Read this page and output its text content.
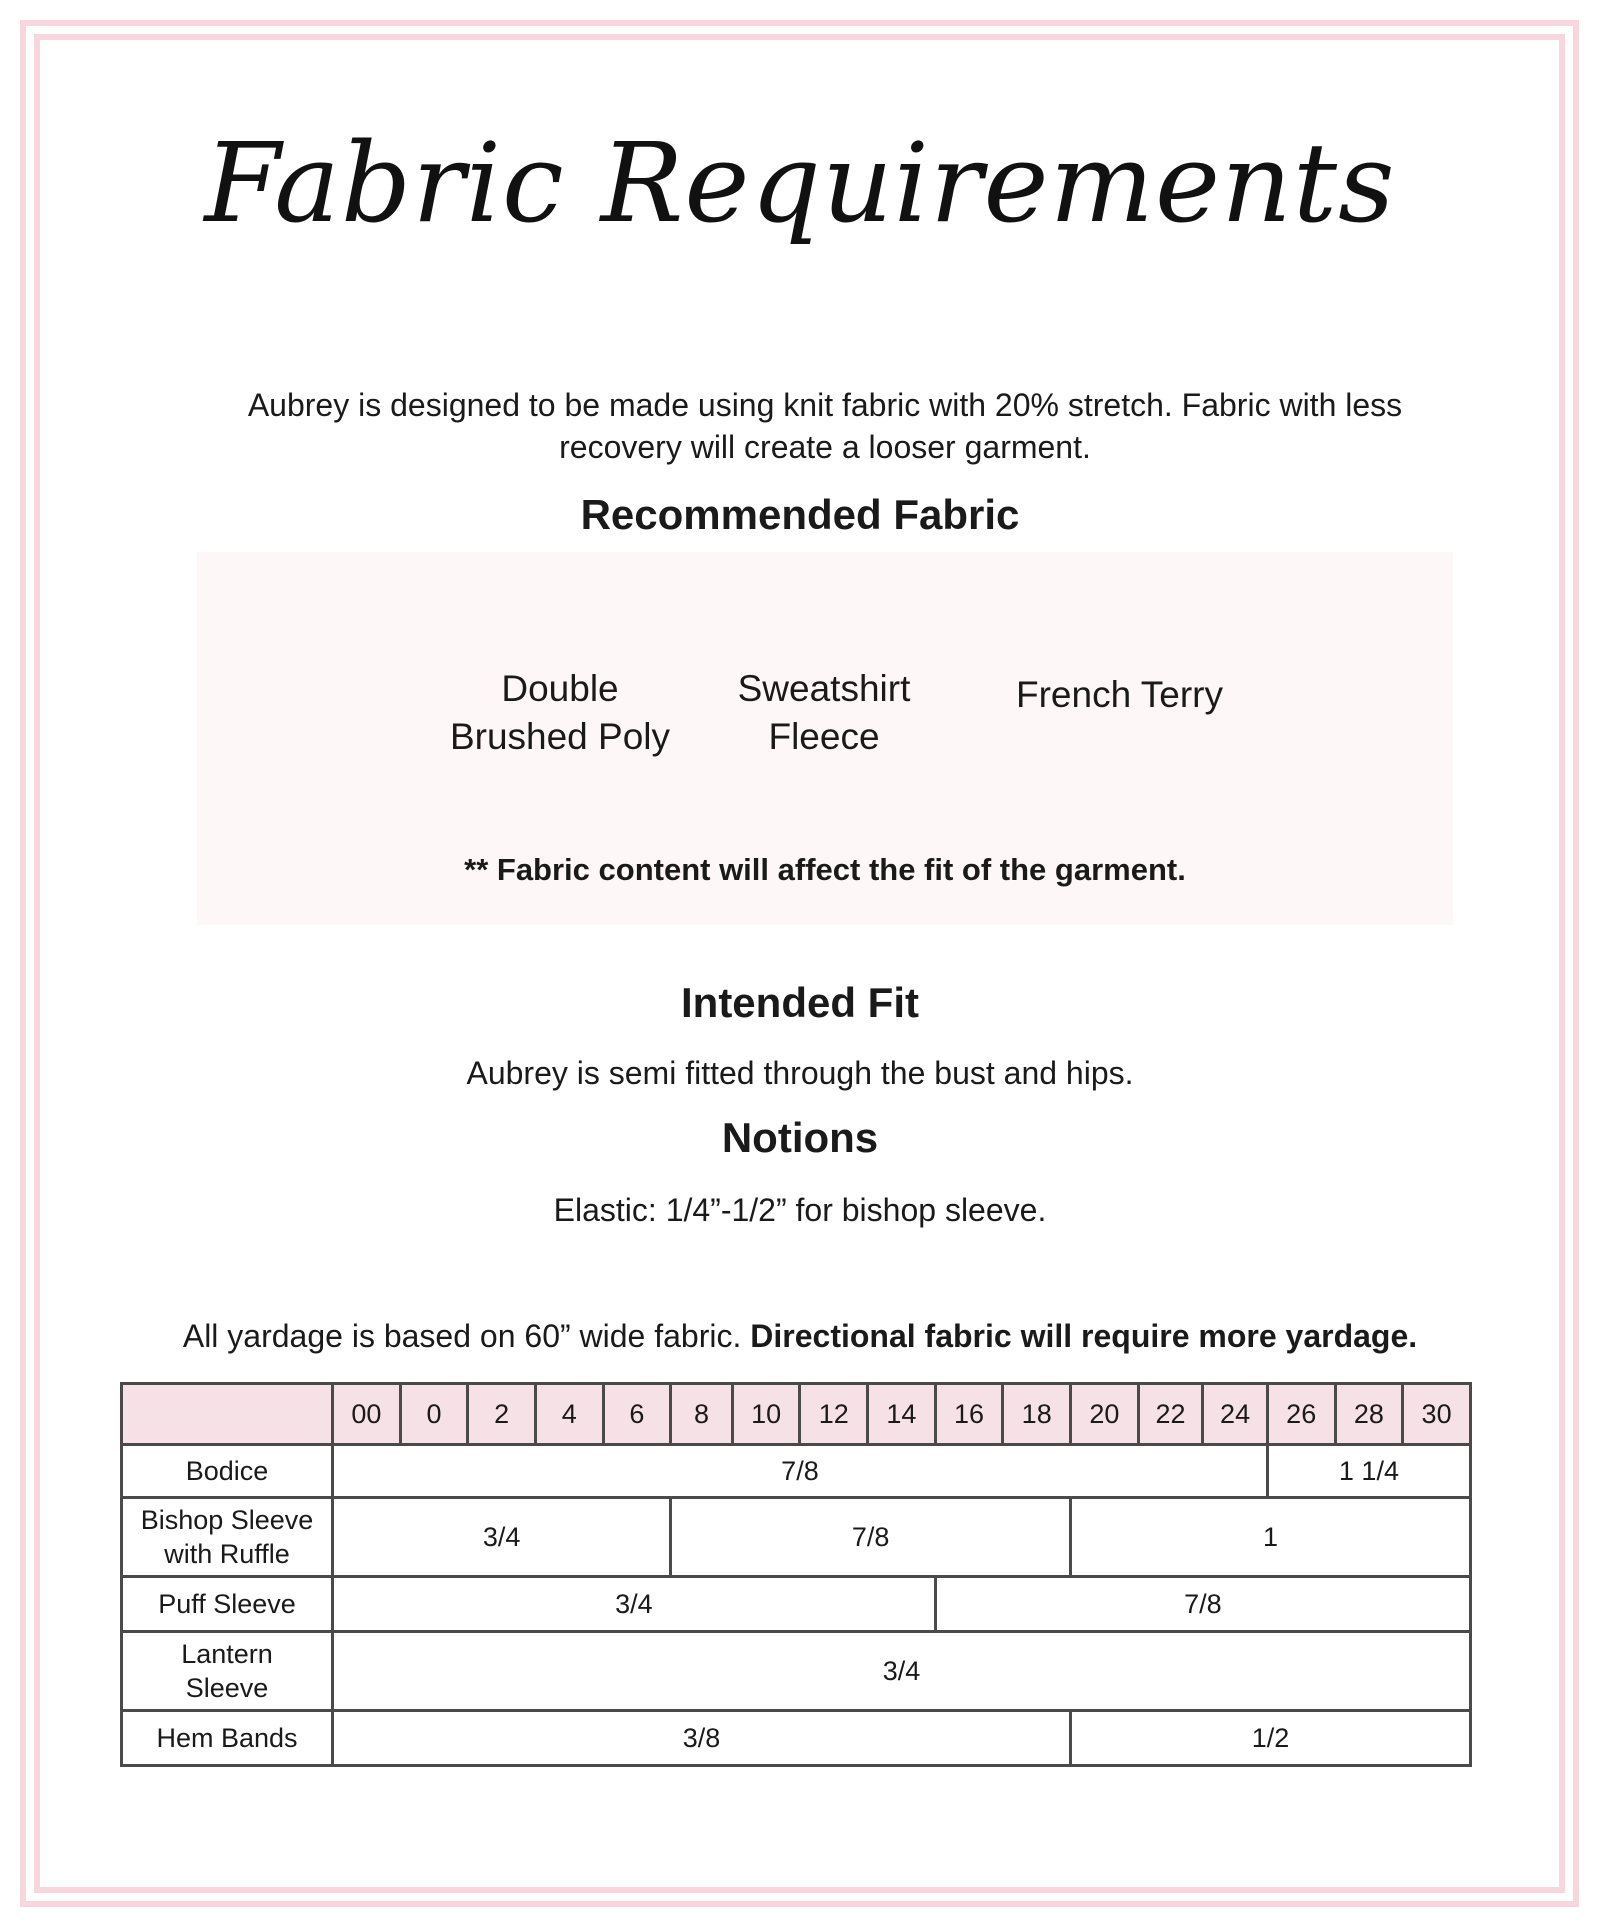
Fabric Requirements
Aubrey is designed to be made using knit fabric with 20% stretch. Fabric with less recovery will create a looser garment.
Recommended Fabric
Double Brushed Poly
Sweatshirt Fleece
French Terry
** Fabric content will affect the fit of the garment.
Intended Fit
Aubrey is semi fitted through the bust and hips.
Notions
Elastic: 1/4”-1/2” for bishop sleeve.
All yardage is based on 60” wide fabric. Directional fabric will require more yardage.
	00	0	2	4	6	8	10	12	14	16	18	20	22	24	26	28	30
Bodice	7/8														1 1/4		
Bishop Sleeve with Ruffle	3/4					7/8						1					
Puff Sleeve	3/4									7/8							
Lantern Sleeve	3/4																
Hem Bands	3/8											1/2					
